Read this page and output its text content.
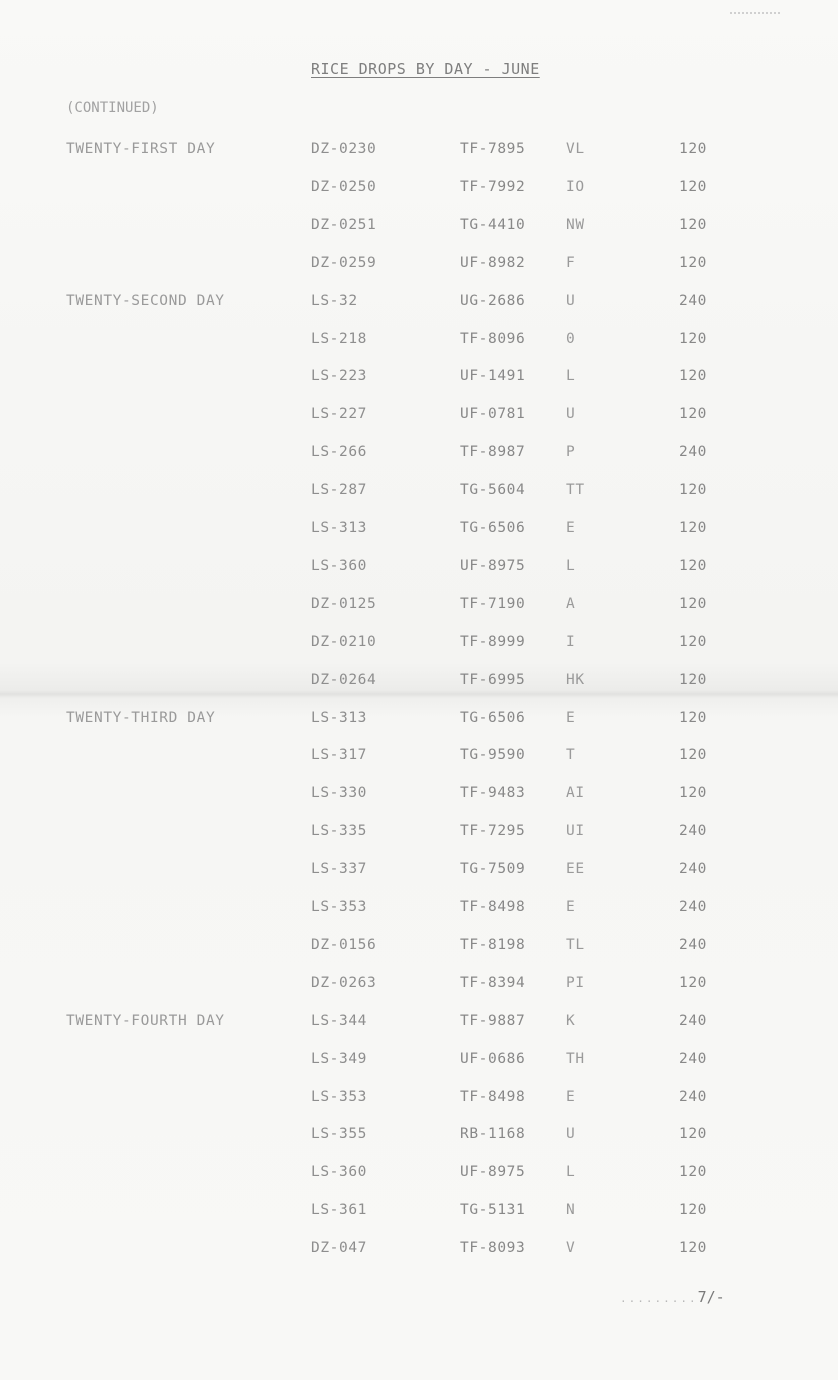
RICE DROPS BY DAY - JUNE
(CONTINUED)
TWENTY-FIRST DAY	DZ-0230	TF-7895	VL	120
DZ-0250	TF-7992	IO	120
DZ-0251	TG-4410	NW	120
DZ-0259	UF-8982	F	120
TWENTY-SECOND DAY	LS-32	UG-2686	U	240
LS-218	TF-8096	0	120
LS-223	UF-1491	L	120
LS-227	UF-0781	U	120
LS-266	TF-8987	P	240
LS-287	TG-5604	TT	120
LS-313	TG-6506	E	120
LS-360	UF-8975	L	120
DZ-0125	TF-7190	A	120
DZ-0210	TF-8999	I	120
DZ-0264	TF-6995	HK	120
TWENTY-THIRD DAY	LS-313	TG-6506	E	120
LS-317	TG-9590	T	120
LS-330	TF-9483	AI	120
LS-335	TF-7295	UI	240
LS-337	TG-7509	EE	240
LS-353	TF-8498	E	240
DZ-0156	TF-8198	TL	240
DZ-0263	TF-8394	PI	120
TWENTY-FOURTH DAY	LS-344	TF-9887	K	240
LS-349	UF-0686	TH	240
LS-353	TF-8498	E	240
LS-355	RB-1168	U	120
LS-360	UF-8975	L	120
LS-361	TG-5131	N	120
DZ-047	TF-8093	V	120
.........7/-
